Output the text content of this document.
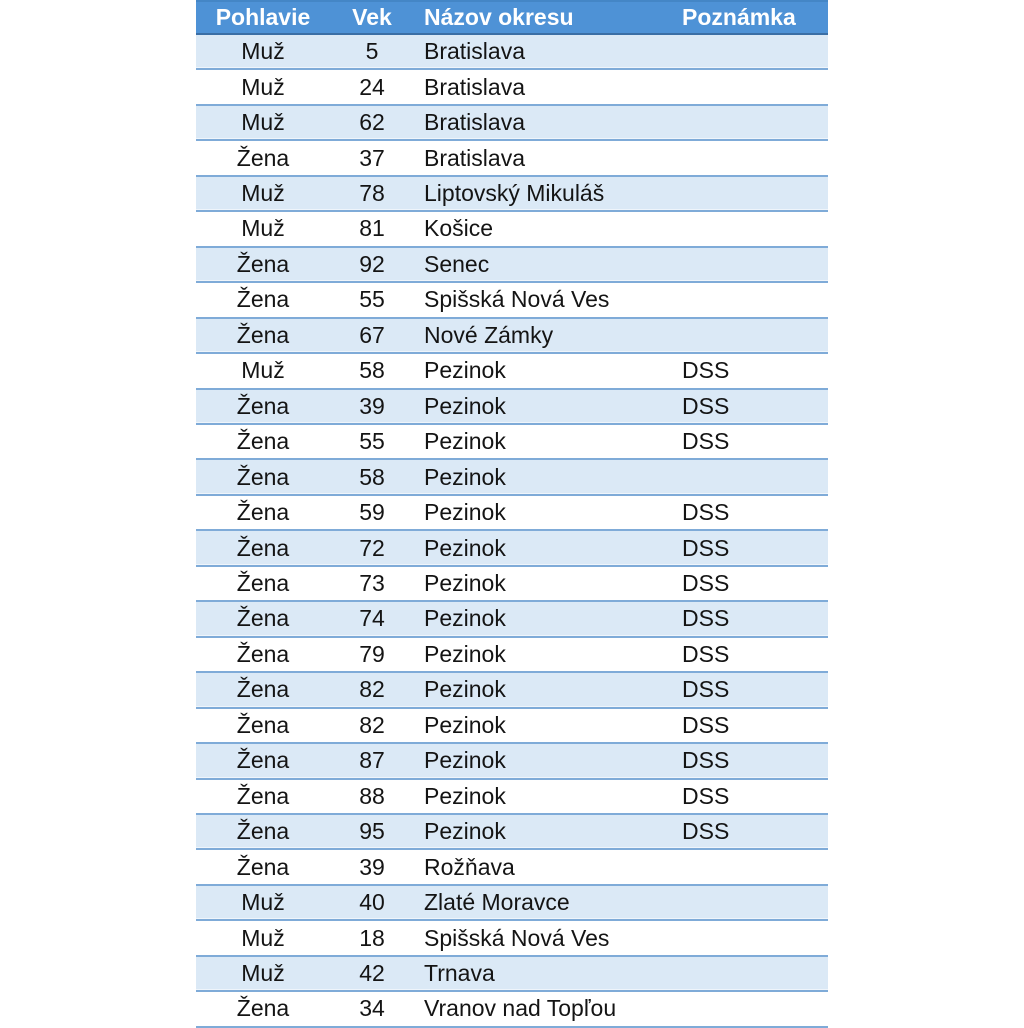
Pohlavie	Vek	Názov okresu	Poznámka
Muž	5	Bratislava
Muž	24	Bratislava
Muž	62	Bratislava
Žena	37	Bratislava
Muž	78	Liptovský Mikuláš
Muž	81	Košice
Žena	92	Senec
Žena	55	Spišská Nová Ves
Žena	67	Nové Zámky
Muž	58	Pezinok	DSS
Žena	39	Pezinok	DSS
Žena	55	Pezinok	DSS
Žena	58	Pezinok
Žena	59	Pezinok	DSS
Žena	72	Pezinok	DSS
Žena	73	Pezinok	DSS
Žena	74	Pezinok	DSS
Žena	79	Pezinok	DSS
Žena	82	Pezinok	DSS
Žena	82	Pezinok	DSS
Žena	87	Pezinok	DSS
Žena	88	Pezinok	DSS
Žena	95	Pezinok	DSS
Žena	39	Rožňava
Muž	40	Zlaté Moravce
Muž	18	Spišská Nová Ves
Muž	42	Trnava
Žena	34	Vranov nad Topľou
